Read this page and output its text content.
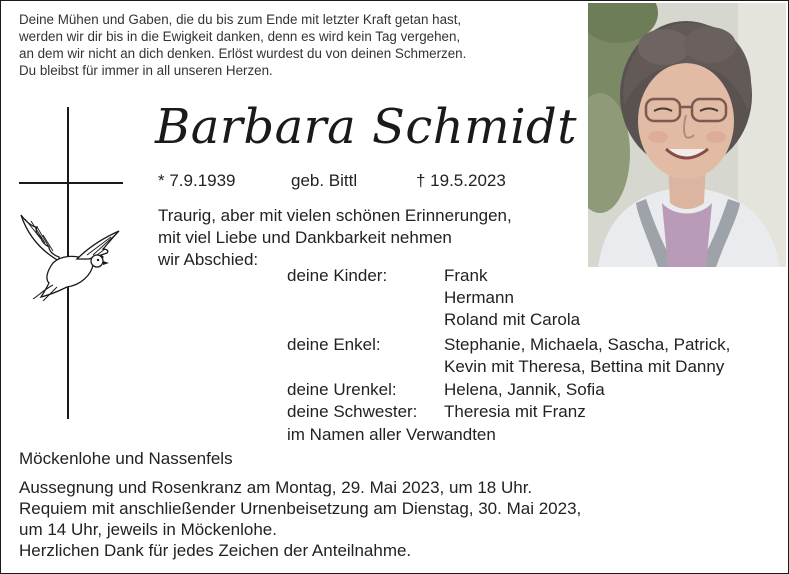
Deine Mühen und Gaben, die du bis zum Ende mit letzter Kraft getan hast,
werden wir dir bis in die Ewigkeit danken, denn es wird kein Tag vergehen,
an dem wir nicht an dich denken. Erlöst wurdest du von deinen Schmerzen.
Du bleibst für immer in all unseren Herzen.
Barbara Schmidt
* 7.9.1939	geb. Bittl	† 19.5.2023
Traurig, aber mit vielen schönen Erinnerungen,
mit viel Liebe und Dankbarkeit nehmen
wir Abschied:
deine Kinder:	Frank
Hermann
Roland mit Carola
deine Enkel:	Stephanie, Michaela, Sascha, Patrick,
Kevin mit Theresa, Bettina mit Danny
deine Urenkel:	Helena, Jannik, Sofia
deine Schwester: Theresia mit Franz
im Namen aller Verwandten
Möckenlohe und Nassenfels
Aussegnung und Rosenkranz am Montag, 29. Mai 2023, um 18 Uhr.
Requiem mit anschließender Urnenbeisetzung am Dienstag, 30. Mai 2023,
um 14 Uhr, jeweils in Möckenlohe.
Herzlichen Dank für jedes Zeichen der Anteilnahme.
